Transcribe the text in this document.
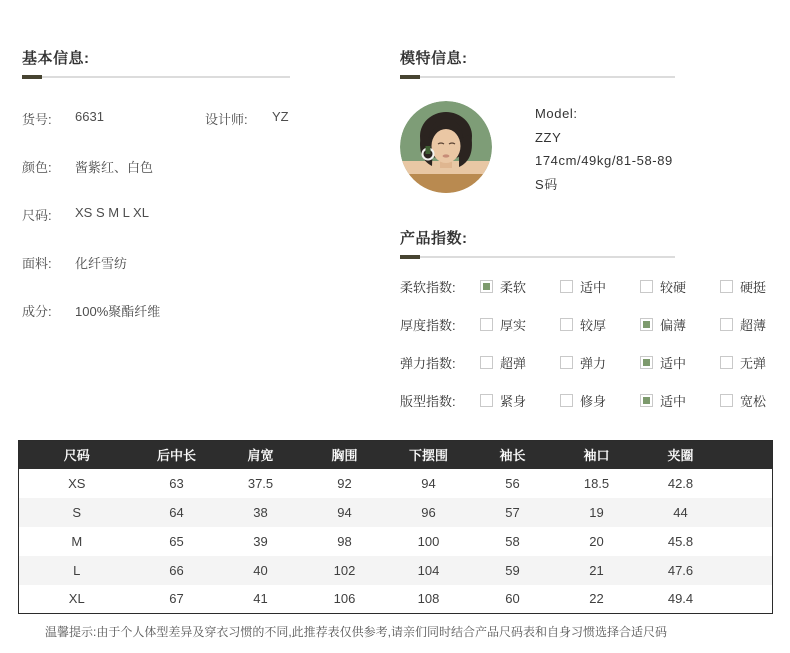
基本信息:
货号:	6631	设计师:	YZ
颜色:	酱紫红、白色
尺码:	XS S M L XL
面料:	化纤雪纺
成分:	100%聚酯纤维
模特信息:
Model:
ZZY
174cm/49kg/81-58-89
S码
产品指数:
柔软指数:	柔软	适中	较硬	硬挺
厚度指数:	厚实	较厚	偏薄	超薄
弹力指数:	超弹	弹力	适中	无弹
版型指数:	紧身	修身	适中	宽松
尺码	后中长	肩宽	胸围	下摆围	袖长	袖口	夹圈	
XS	63	37.5	92	94	56	18.5	42.8	
S	64	38	94	96	57	19	44	
M	65	39	98	100	58	20	45.8	
L	66	40	102	104	59	21	47.6	
XL	67	41	106	108	60	22	49.4	
温馨提示:由于个人体型差异及穿衣习惯的不同,此推荐表仅供参考,请亲们同时结合产品尺码表和自身习惯选择合适尺码
